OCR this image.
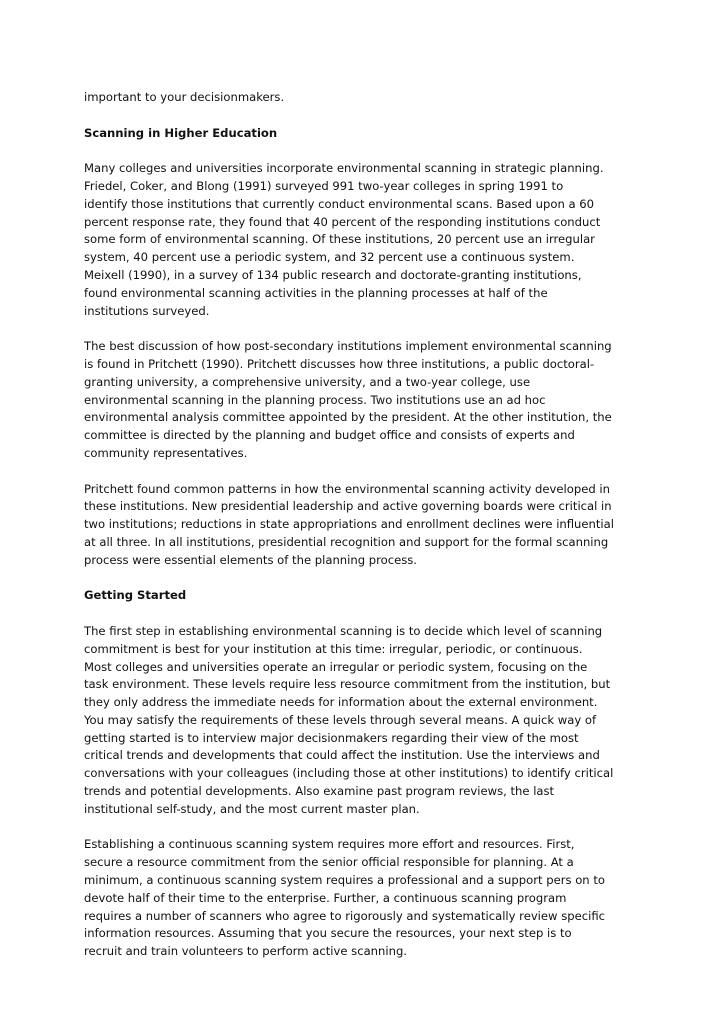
important to your decisionmakers.

Scanning in Higher Education

Many colleges and universities incorporate environmental scanning in strategic planning.
Friedel, Coker, and Blong (1991) surveyed 991 two-year colleges in spring 1991 to
identify those institutions that currently conduct environmental scans. Based upon a 60
percent response rate, they found that 40 percent of the responding institutions conduct
some form of environmental scanning. Of these institutions, 20 percent use an irregular
system, 40 percent use a periodic system, and 32 percent use a continuous system.
Meixell (1990), in a survey of 134 public research and doctorate-granting institutions,
found environmental scanning activities in the planning processes at half of the
institutions surveyed.

The best discussion of how post-secondary institutions implement environmental scanning
is found in Pritchett (1990). Pritchett discusses how three institutions, a public doctoral-
granting university, a comprehensive university, and a two-year college, use
environmental scanning in the planning process. Two institutions use an ad hoc
environmental analysis committee appointed by the president. At the other institution, the
committee is directed by the planning and budget office and consists of experts and
community representatives.

Pritchett found common patterns in how the environmental scanning activity developed in
these institutions. New presidential leadership and active governing boards were critical in
two institutions; reductions in state appropriations and enrollment declines were influential
at all three. In all institutions, presidential recognition and support for the formal scanning
process were essential elements of the planning process.

Getting Started

The first step in establishing environmental scanning is to decide which level of scanning
commitment is best for your institution at this time: irregular, periodic, or continuous.
Most colleges and universities operate an irregular or periodic system, focusing on the
task environment. These levels require less resource commitment from the institution, but
they only address the immediate needs for information about the external environment.
You may satisfy the requirements of these levels through several means. A quick way of
getting started is to interview major decisionmakers regarding their view of the most
critical trends and developments that could affect the institution. Use the interviews and
conversations with your colleagues (including those at other institutions) to identify critical
trends and potential developments. Also examine past program reviews, the last
institutional self-study, and the most current master plan.

Establishing a continuous scanning system requires more effort and resources. First,
secure a resource commitment from the senior official responsible for planning. At a
minimum, a continuous scanning system requires a professional and a support pers on to
devote half of their time to the enterprise. Further, a continuous scanning program
requires a number of scanners who agree to rigorously and systematically review specific
information resources. Assuming that you secure the resources, your next step is to
recruit and train volunteers to perform active scanning.
